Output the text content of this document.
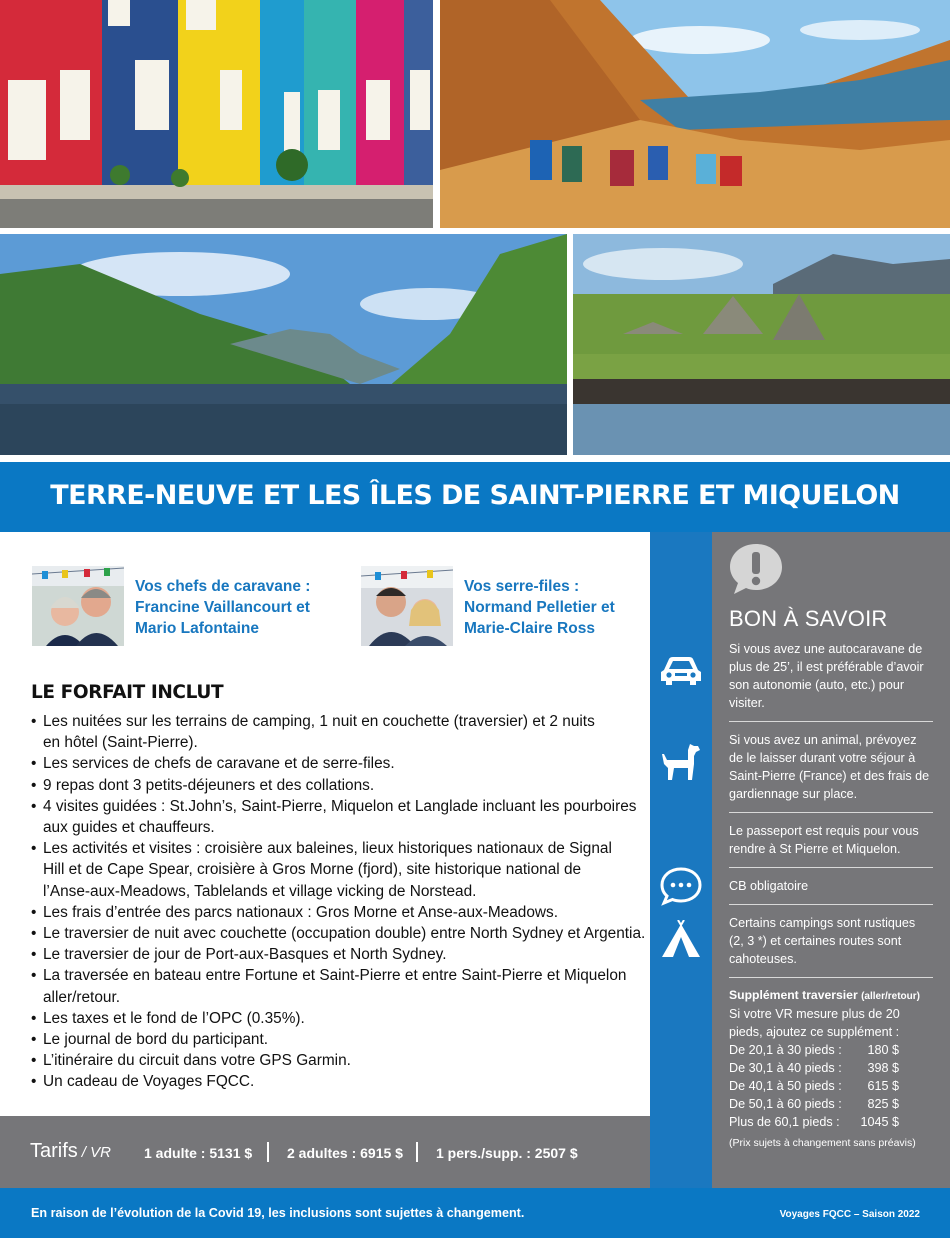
TERRE-NEUVE ET LES ÎLES DE SAINT-PIERRE ET MIQUELON
Vos chefs de caravane :
Francine Vaillancourt et
Mario Lafontaine
Vos serre-files :
Normand Pelletier et
Marie-Claire Ross
LE FORFAIT INCLUT
• Les nuitées sur les terrains de camping, 1 nuit en couchette (traversier) et 2 nuits
en hôtel (Saint-Pierre).
• Les services de chefs de caravane et de serre-files.
• 9 repas dont 3 petits-déjeuners et des collations.
• 4 visites guidées : St.John’s, Saint-Pierre, Miquelon et Langlade incluant les pourboires
aux guides et chauffeurs.
• Les activités et visites : croisière aux baleines, lieux historiques nationaux de Signal
Hill et de Cape Spear, croisière à Gros Morne (fjord), site historique national de
l’Anse-aux-Meadows, Tablelands et village vicking de Norstead.
• Les frais d’entrée des parcs nationaux : Gros Morne et Anse-aux-Meadows.
• Le traversier de nuit avec couchette (occupation double) entre North Sydney et Argentia.
• Le traversier de jour de Port-aux-Basques et North Sydney.
• La traversée en bateau entre Fortune et Saint-Pierre et entre Saint-Pierre et Miquelon
aller/retour.
• Les taxes et le fond de l’OPC (0.35%).
• Le journal de bord du participant.
• L’itinéraire du circuit dans votre GPS Garmin.
• Un cadeau de Voyages FQCC.
Tarifs / VR 1 adulte : 5131 $ 2 adultes : 6915 $ 1 pers./supp. : 2507 $
BON À SAVOIR
Si vous avez une autocaravane de plus de 25’, il est préférable d’avoir son autonomie (auto, etc.) pour visiter.
Si vous avez un animal, prévoyez de le laisser durant votre séjour à Saint-Pierre (France) et des frais de gardiennage sur place.
Le passeport est requis pour vous rendre à St Pierre et Miquelon.
CB obligatoire
Certains campings sont rustiques (2, 3 *) et certaines routes sont cahoteuses.
Supplément traversier (aller/retour)
Si votre VR mesure plus de 20 pieds, ajoutez ce supplément :
De 20,1 à 30 pieds :	180 $
De 30,1 à 40 pieds :	398 $
De 40,1 à 50 pieds :	615 $
De 50,1 à 60 pieds :	825 $
Plus de 60,1 pieds :	1045 $
(Prix sujets à changement sans préavis)
En raison de l’évolution de la Covid 19, les inclusions sont sujettes à changement.	Voyages FQCC – Saison 2022
